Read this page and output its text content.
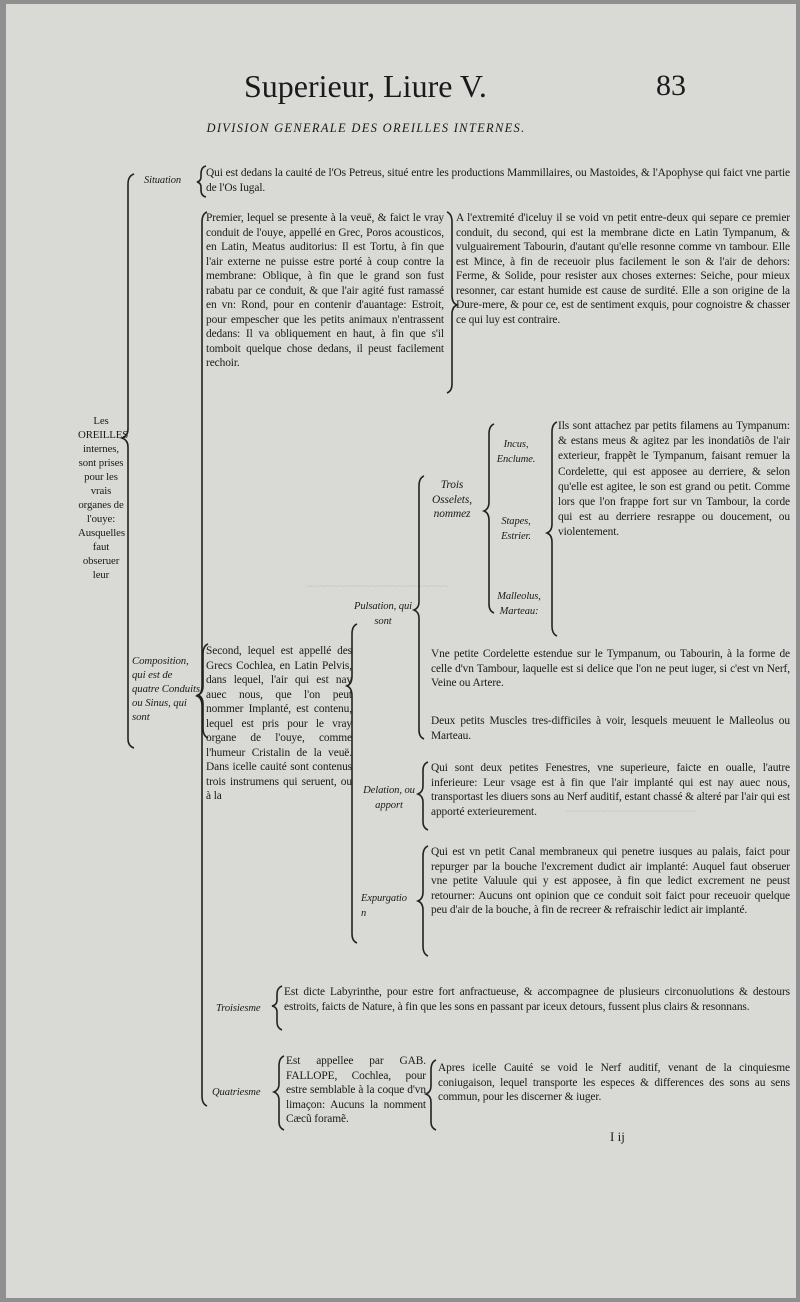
~~~~~~~~~~~~~~~~~~~~~~
~~~~~~~~~~~~~~~~~~~~
Superieur, Liure V.	83
DIVISION GENERALE DES OREILLES INTERNES.
Les OREILLES internes, sont prises pour les vrais organes de l'ouye: Ausquelles faut obseruer leur
Situation
Qui est dedans la cauité de l'Os Petreus, situé entre les productions Mammillaires, ou Mastoides, & l'Apophyse qui faict vne partie de l'Os Iugal.
Composition, qui est de quatre Conduits ou Sinus, qui sont
Premier, lequel se presente à la veuë, & faict le vray conduit de l'ouye, appellé en Grec, Poros acousticos, en Latin, Meatus auditorius: Il est Tortu, à fin que l'air externe ne puisse estre porté à coup contre la membrane: Oblique, à fin que le grand son fust rabatu par ce conduit, & que l'air agité fust ramassé en vn: Rond, pour en contenir d'auantage: Estroit, pour empescher que les petits animaux n'entrassent dedans: Il va obliquement en haut, à fin que s'il tomboit quelque chose dedans, il peust facilement rechoir.
A l'extremité d'iceluy il se void vn petit entre-deux qui separe ce premier conduit, du second, qui est la membrane dicte en Latin Tympanum, & vulguairement Tabourin, d'autant qu'elle resonne comme vn tambour. Elle est Mince, à fin de receuoir plus facilement le son & l'air de dehors: Ferme, & Solide, pour resister aux choses externes: Seiche, pour mieux resonner, car estant humide est cause de surdité. Elle a son origine de la Dure-mere, & pour ce, est de sentiment exquis, pour cognoistre & chasser ce qui luy est contraire.
Second, lequel est appellé des Grecs Cochlea, en Latin Pelvis, dans lequel, l'air qui est nay auec nous, que l'on peut nommer Implanté, est contenu, lequel est pris pour le vray organe de l'ouye, comme l'humeur Cristalin de la veuë. Dans icelle cauité sont contenus trois instrumens qui seruent, ou à la
Pulsation, qui sont
Trois Osselets, nommez
Incus, Enclume.
Stapes, Estrier.
Malleolus, Marteau:
Ils sont attachez par petits filamens au Tympanum: & estans meus & agitez par les inondatiõs de l'air exterieur, frappẽt le Tympanum, faisant remuer la Cordelette, qui est apposee au derriere, & selon qu'elle est agitee, le son est grand ou petit. Comme lors que l'on frappe fort sur vn Tambour, la corde qui est au derriere resrappe ou doucement, ou violentement.
Vne petite Cordelette estendue sur le Tympanum, ou Tabourin, à la forme de celle d'vn Tambour, laquelle est si delice que l'on ne peut iuger, si c'est vn Nerf, Veine ou Artere.
Deux petits Muscles tres-difficiles à voir, lesquels meuuent le Malleolus ou Marteau.
Delation, ou apport
Qui sont deux petites Fenestres, vne superieure, faicte en oualle, l'autre inferieure: Leur vsage est à fin que l'air implanté qui est nay auec nous, transportast les diuers sons au Nerf auditif, estant chassé & alteré par l'air qui est apporté exterieurement.
Expurgation
Qui est vn petit Canal membraneux qui penetre iusques au palais, faict pour repurger par la bouche l'excrement dudict air implanté: Auquel faut obseruer vne petite Valuule qui y est apposee, à fin que ledict excrement ne peust retourner: Aucuns ont opinion que ce conduit soit faict pour receuoir quelque peu d'air de la bouche, à fin de recreer & refraischir ledict air implanté.
Troisiesme
Est dicte Labyrinthe, pour estre fort anfractueuse, & accompagnee de plusieurs circonuolutions & destours estroits, faicts de Nature, à fin que les sons en passant par iceux detours, fussent plus clairs & resonnans.
Quatriesme
Est appellee par GAB. FALLOPE, Cochlea, pour estre semblable à la coque d'vn limaçon: Aucuns la nomment Cæcũ foramẽ.
Apres icelle Cauité se void le Nerf auditif, venant de la cinquiesme coniugaison, lequel transporte les especes & differences des sons au sens commun, pour les discerner & iuger.
I ij
